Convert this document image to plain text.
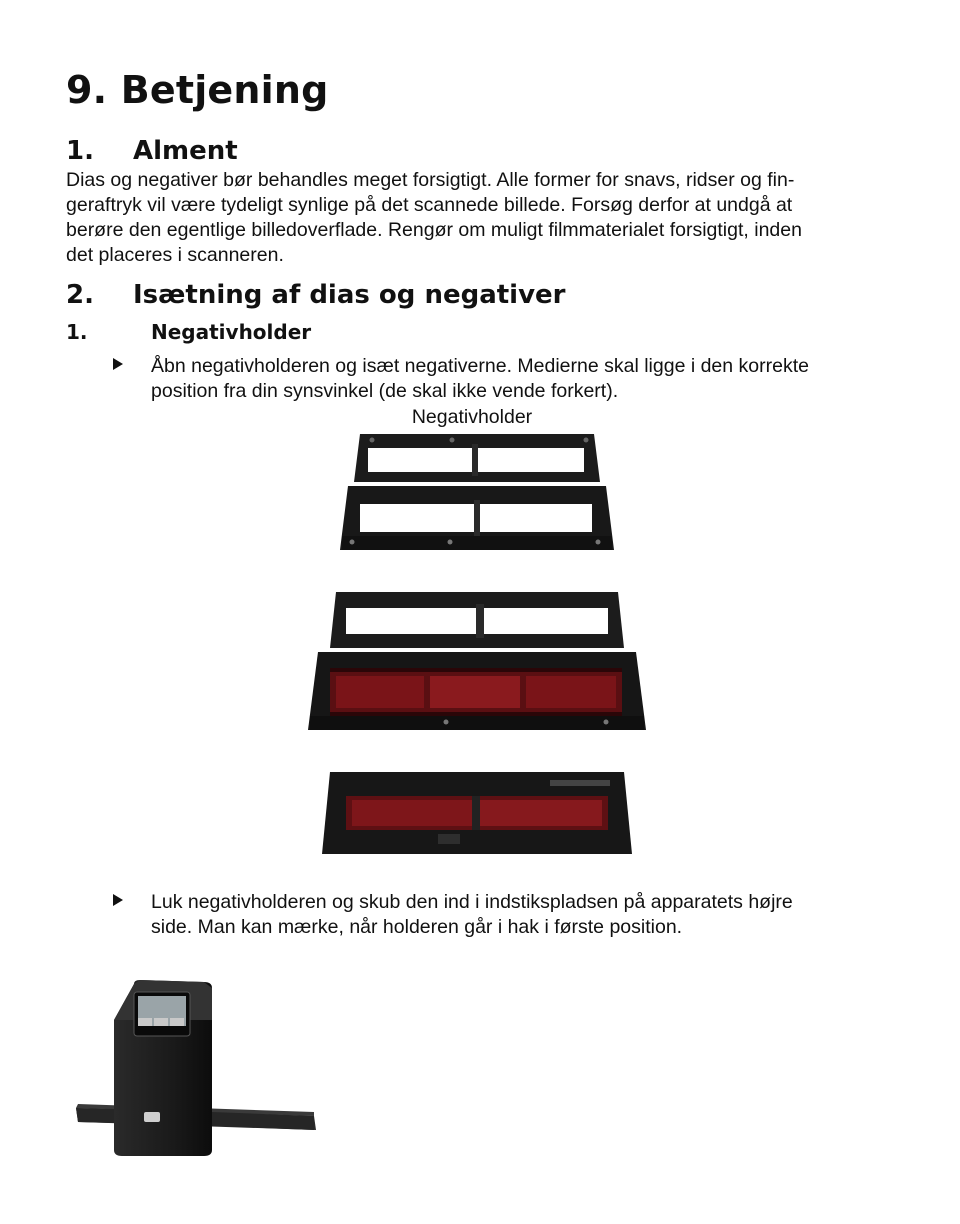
9. Betjening
1. Alment
Dias og negativer bør behandles meget forsigtigt. Alle former for snavs, ridser og fin-
geraftryk vil være tydeligt synlige på det scannede billede. Forsøg derfor at undgå at
berøre den egentlige billedoverflade. Rengør om muligt filmmaterialet forsigtigt, inden
det placeres i scanneren.
2. Isætning af dias og negativer
1.	Negativholder
Åbn negativholderen og isæt negativerne. Medierne skal ligge i den korrekte
position fra din synsvinkel (de skal ikke vende forkert).
Negativholder
Luk negativholderen og skub den ind i indstikspladsen på apparatets højre
side. Man kan mærke, når holderen går i hak i første position.
